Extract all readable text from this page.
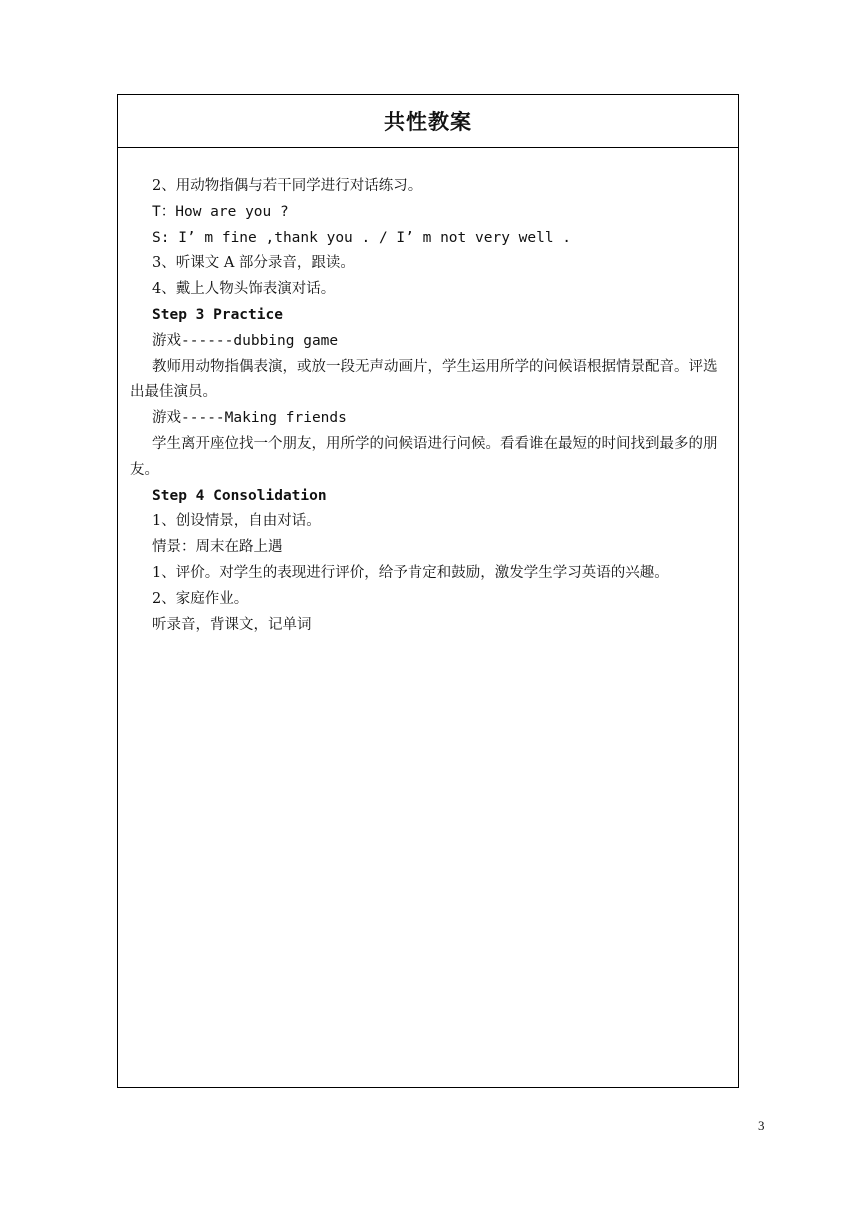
共性教案

2、用动物指偶与若干同学进行对话练习。

T：How are you ?

S: I’ m fine ,thank you . / I’ m not very well .

3、听课文 A 部分录音，跟读。

4、戴上人物头饰表演对话。

Step 3 Practice

游戏------dubbing game

教师用动物指偶表演，或放一段无声动画片，学生运用所学的问候语根据情景配音。评选出最佳演员。

游戏-----Making friends

学生离开座位找一个朋友，用所学的问候语进行问候。看看谁在最短的时间找到最多的朋友。

Step 4 Consolidation

1、创设情景，自由对话。

情景：周末在路上遇

1、评价。对学生的表现进行评价，给予肯定和鼓励，激发学生学习英语的兴趣。

2、家庭作业。

听录音，背课文，记单词

3
